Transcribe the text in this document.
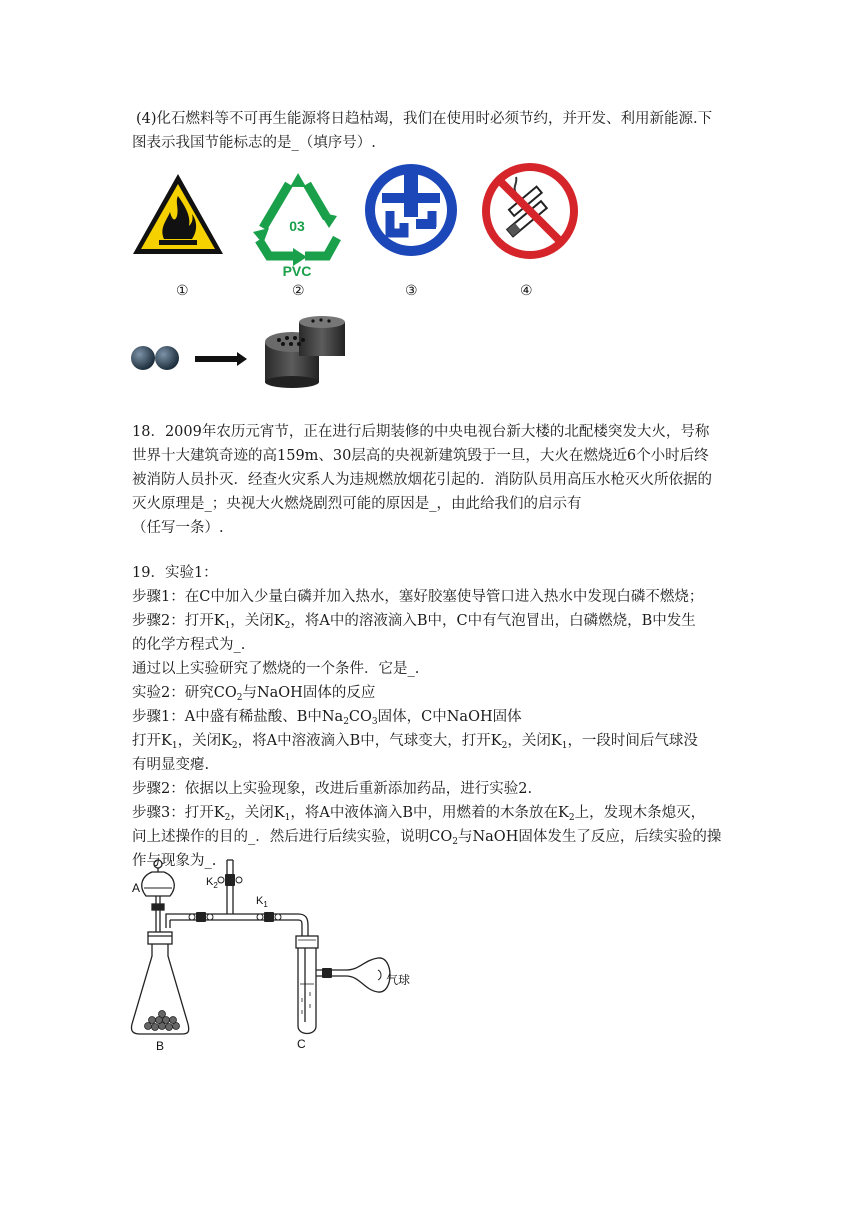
(4)化石燃料等不可再生能源将日趋枯竭，我们在使用时必须节约，并开发、利用新能源.下
图表示我国节能标志的是_（填序号）.
03
PVC
①	②	③	④
18．2009年农历元宵节，正在进行后期装修的中央电视台新大楼的北配楼突发大火，号称
世界十大建筑奇迹的高159m、30层高的央视新建筑毁于一旦，大火在燃烧近6个小时后终
被消防人员扑灭．经查火灾系人为违规燃放烟花引起的．消防队员用高压水枪灭火所依据的
灭火原理是_；央视大火燃烧剧烈可能的原因是_，由此给我们的启示有
（任写一条）.
19．实验1：
步骤1：在C中加入少量白磷并加入热水，塞好胶塞使导管口进入热水中发现白磷不燃烧；
步骤2：打开$K_1$，关闭$K_2$，将A中的溶液滴入B中，C中有气泡冒出，白磷燃烧，B中发生
的化学方程式为_.
通过以上实验研究了燃烧的一个条件．它是_.
实验2：研究$CO_2$与NaOH固体的反应
步骤1：A中盛有稀盐酸、B中$Na_2CO_3$固体，C中NaOH固体
打开$K_1$，关闭$K_2$，将A中溶液滴入B中，气球变大，打开$K_2$，关闭$K_1$，一段时间后气球没
有明显变瘪.
步骤2：依据以上实验现象，改进后重新添加药品，进行实验2.
步骤3：打开$K_2$，关闭$K_1$，将A中液体滴入B中，用燃着的木条放在$K_2$上，发现木条熄灭，
问上述操作的目的_．然后进行后续实验，说明$CO_2$与NaOH固体发生了反应，后续实验的操
作与现象为_.
A
B	C
$K_2$
$K_1$
气球
